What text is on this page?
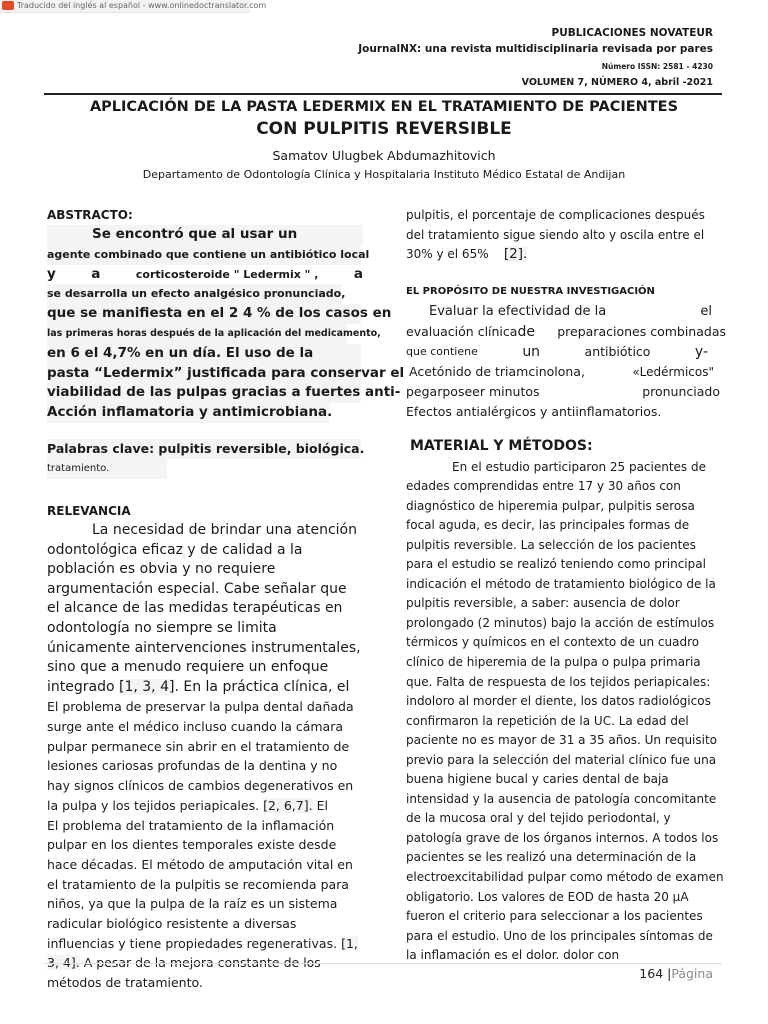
Traducido del inglés al español - www.onlinedoctranslator.com
PUBLICACIONES NOVATEUR
JournalNX: una revista multidisciplinaria revisada por pares
Número ISSN: 2581 - 4230
VOLUMEN 7, NÚMERO 4, abril -2021
APLICACIÓN DE LA PASTA LEDERMIX EN EL TRATAMIENTO DE PACIENTES
CON PULPITIS REVERSIBLE
Samatov Ulugbek Abdumazhitovich
Departamento de Odontología Clínica y Hospitalaria Instituto Médico Estatal de Andijan

ABSTRACTO:

Se encontró que al usar un
agente combinado que contiene un antibiótico local
y	a	corticosteroide " Ledermix " ,	a
se desarrolla un efecto analgésico pronunciado,
que se manifiesta en el 2 4 % de los casos en
las primeras horas después de la aplicación del medicamento,
en 6 el 4,7% en un día. El uso de la
pasta “Ledermix” justificada para conservar el
viabilidad de las pulpas gracias a fuertes anti-
Acción inflamatoria y antimicrobiana.
Palabras clave: pulpitis reversible, biológica.
tratamiento.

RELEVANCIA

La necesidad de brindar una atención odontológica eficaz y de calidad a la población es obvia y no requiere argumentación especial. Cabe señalar que el alcance de las medidas terapéuticas en odontología no siempre se limita únicamente aintervenciones instrumentales, sino que a menudo requiere un enfoque integrado [1, 3, 4]. En la práctica clínica, el

El problema de preservar la pulpa dental dañada surge ante el médico incluso cuando la cámara pulpar permanece sin abrir en el tratamiento de lesiones cariosas profundas de la dentina y no hay signos clínicos de cambios degenerativos en la pulpa y los tejidos periapicales. [2, 6,7]. El

El problema del tratamiento de la inflamación pulpar en los dientes temporales existe desde hace décadas. El método de amputación vital en el tratamiento de la pulpitis se recomienda para niños, ya que la pulpa de la raíz es un sistema radicular biológico resistente a diversas influencias y tiene propiedades regenerativas. [1, 3, 4]. A pesar de la mejora constante de los métodos de tratamiento.

pulpitis, el porcentaje de complicaciones después del tratamiento sigue siendo alto y oscila entre el 30% y el 65% [2].

EL PROPÓSITO DE NUESTRA INVESTIGACIÓN

Evaluar la efectividad de la	el
evaluación clínicade preparaciones combinadas
que contiene	un	antibiótico	y-
Acetónido de triamcinolona,	«Ledérmicos"
pegarposeer minutos	pronunciado
Efectos antialérgicos y antiinflamatorios.

MATERIAL Y MÉTODOS:

En el estudio participaron 25 pacientes de edades comprendidas entre 17 y 30 años con diagnóstico de hiperemia pulpar, pulpitis serosa focal aguda, es decir, las principales formas de pulpitis reversible. La selección de los pacientes para el estudio se realizó teniendo como principal indicación el método de tratamiento biológico de la pulpitis reversible, a saber: ausencia de dolor prolongado (2 minutos) bajo la acción de estímulos térmicos y químicos en el contexto de un cuadro clínico de hiperemia de la pulpa o pulpa primaria que. Falta de respuesta de los tejidos periapicales: indoloro al morder el diente, los datos radiológicos confirmaron la repetición de la UC. La edad del paciente no es mayor de 31 a 35 años. Un requisito previo para la selección del material clínico fue una buena higiene bucal y caries dental de baja intensidad y la ausencia de patología concomitante de la mucosa oral y del tejido periodontal, y patología grave de los órganos internos. A todos los pacientes se les realizó una determinación de la electroexcitabilidad pulpar como método de examen obligatorio. Los valores de EOD de hasta 20 μA fueron el criterio para seleccionar a los pacientes para el estudio. Uno de los principales síntomas de la inflamación es el dolor. dolor con

164 |Página
